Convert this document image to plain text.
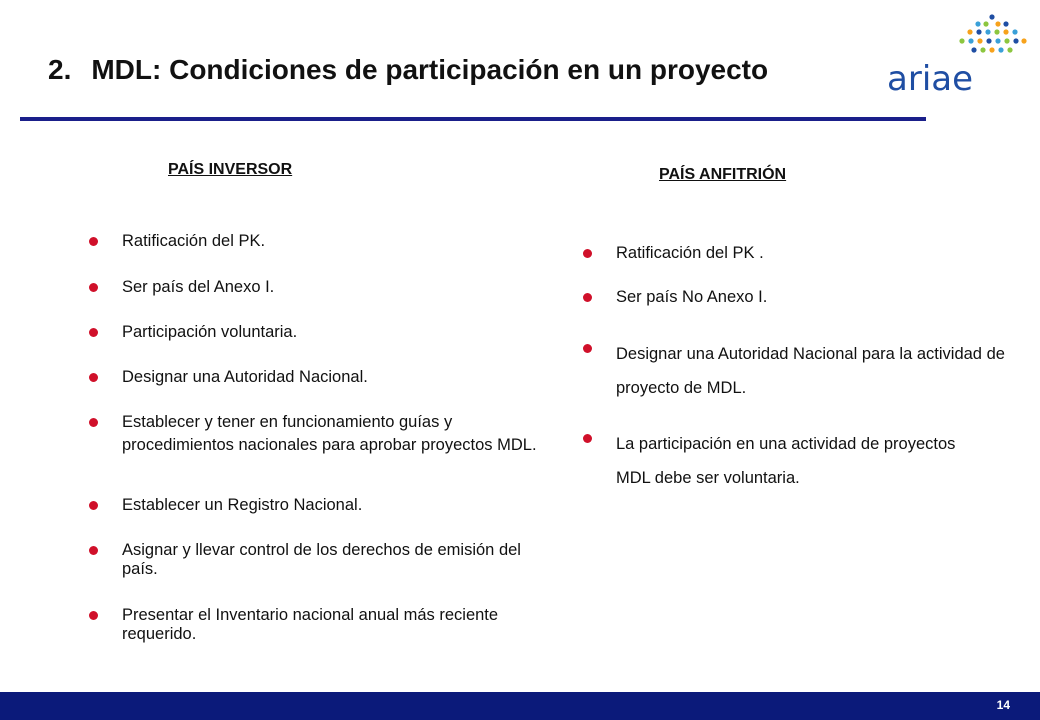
2. MDL: Condiciones de participación en un proyecto	ariae
PAÍS INVERSOR
Ratificación del PK.
Ser país del Anexo I.
Participación voluntaria.
Designar una Autoridad Nacional.
Establecer y tener en funcionamiento guías y procedimientos nacionales para aprobar proyectos MDL.
Establecer un Registro Nacional.
Asignar y llevar control de los derechos de emisión del país.
Presentar el Inventario nacional anual más reciente requerido.
PAÍS ANFITRIÓN
Ratificación del PK .
Ser país No Anexo I.
Designar una Autoridad Nacional para la actividad de proyecto de MDL.
La participación en una actividad de proyectos MDL debe ser voluntaria.
14
